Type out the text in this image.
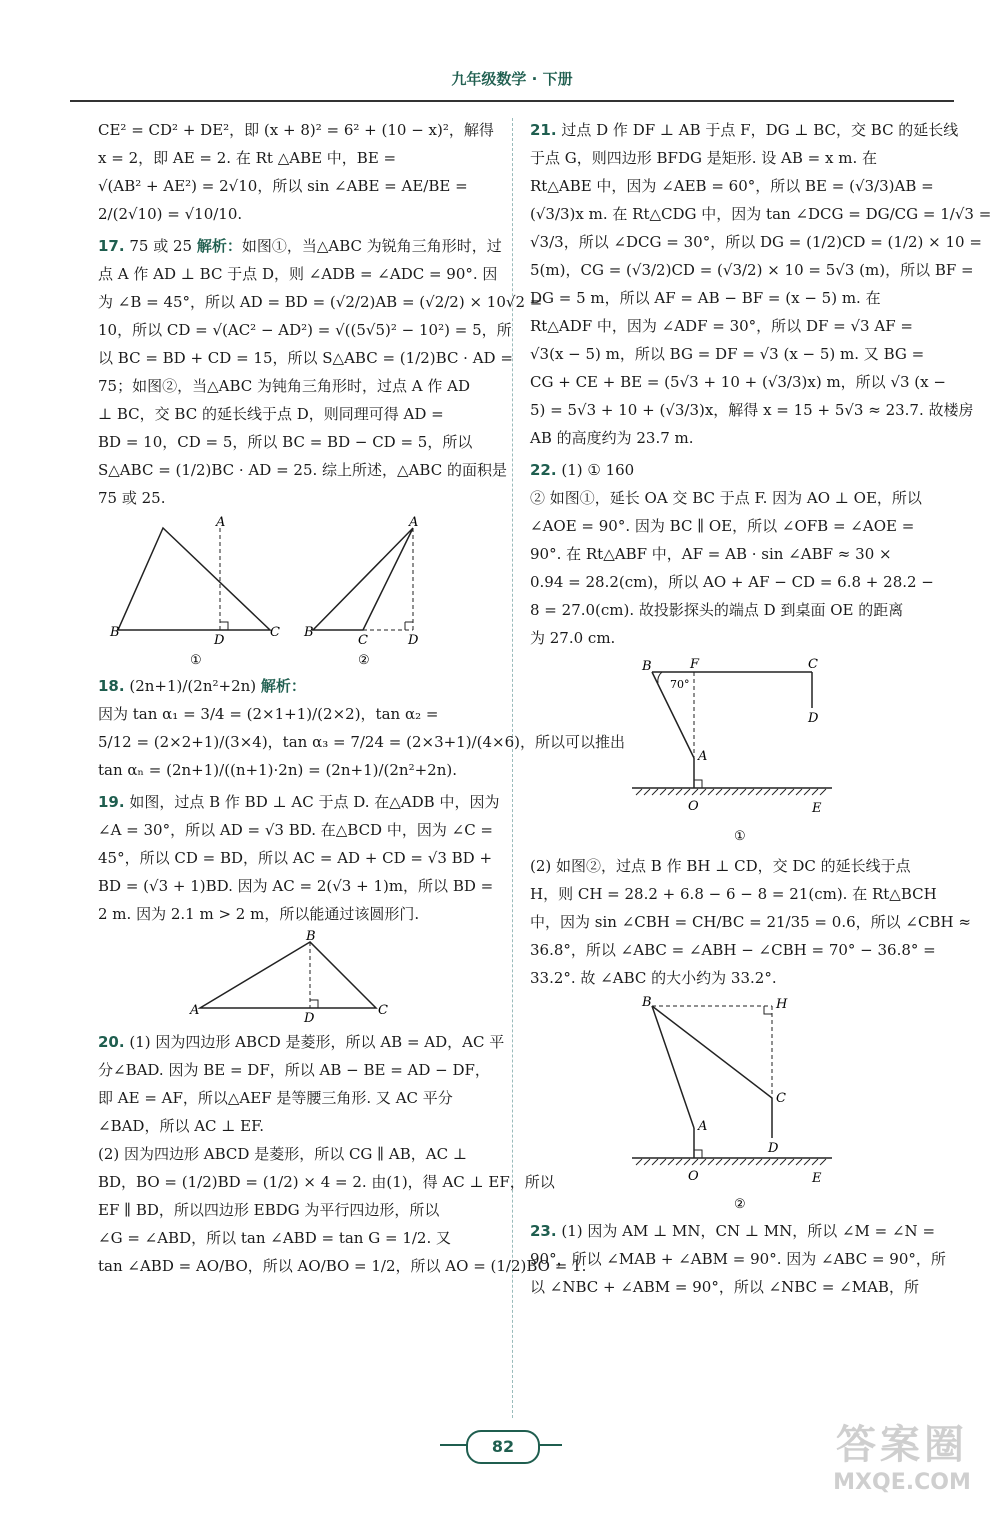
九年级数学 · 下册
CE² = CD² + DE²，即 (x + 8)² = 6² + (10 − x)²，解得
x = 2，即 AE = 2. 在 Rt △ABE 中，BE =
√(AB² + AE²) = 2√10，所以 sin ∠ABE = AE/BE =
2/(2√10) = √10/10.
17. 75 或 25 解析：如图①，当△ABC 为锐角三角形时，过
点 A 作 AD ⊥ BC 于点 D，则 ∠ADB = ∠ADC = 90°. 因
为 ∠B = 45°，所以 AD = BD = (√2/2)AB = (√2/2) × 10√2 =
10，所以 CD = √(AC² − AD²) = √((5√5)² − 10²) = 5，所
以 BC = BD + CD = 15，所以 S△ABC = (1/2)BC · AD =
75；如图②，当△ABC 为钝角三角形时，过点 A 作 AD
⊥ BC，交 BC 的延长线于点 D，则同理可得 AD =
BD = 10，CD = 5，所以 BC = BD − CD = 5，所以
S△ABC = (1/2)BC · AD = 25. 综上所述，△ABC 的面积是
75 或 25.
A
B
D
C
A
B
C	D
①	②
18. (2n+1)/(2n²+2n) 解析：
因为 tan α₁ = 3/4 = (2×1+1)/(2×2)，tan α₂ =
5/12 = (2×2+1)/(3×4)，tan α₃ = 7/24 = (2×3+1)/(4×6)，所以可以推出
tan αₙ = (2n+1)/((n+1)·2n) = (2n+1)/(2n²+2n).
19. 如图，过点 B 作 BD ⊥ AC 于点 D. 在△ADB 中，因为
∠A = 30°，所以 AD = √3 BD. 在△BCD 中，因为 ∠C =
45°，所以 CD = BD，所以 AC = AD + CD = √3 BD +
BD = (√3 + 1)BD. 因为 AC = 2(√3 + 1)m，所以 BD =
2 m. 因为 2.1 m > 2 m，所以能通过该圆形门.
B
A
D
C
20. (1) 因为四边形 ABCD 是菱形，所以 AB = AD，AC 平
分∠BAD. 因为 BE = DF，所以 AB − BE = AD − DF，
即 AE = AF，所以△AEF 是等腰三角形. 又 AC 平分
∠BAD，所以 AC ⊥ EF.
(2) 因为四边形 ABCD 是菱形，所以 CG ∥ AB，AC ⊥
BD，BO = (1/2)BD = (1/2) × 4 = 2. 由(1)，得 AC ⊥ EF，所以
EF ∥ BD，所以四边形 EBDG 为平行四边形，所以
∠G = ∠ABD，所以 tan ∠ABD = tan G = 1/2. 又
tan ∠ABD = AO/BO，所以 AO/BO = 1/2，所以 AO = (1/2)BO = 1.
21. 过点 D 作 DF ⊥ AB 于点 F，DG ⊥ BC，交 BC 的延长线
于点 G，则四边形 BFDG 是矩形. 设 AB = x m. 在
Rt△ABE 中，因为 ∠AEB = 60°，所以 BE = (√3/3)AB =
(√3/3)x m. 在 Rt△CDG 中，因为 tan ∠DCG = DG/CG = 1/√3 =
√3/3，所以 ∠DCG = 30°，所以 DG = (1/2)CD = (1/2) × 10 =
5(m)，CG = (√3/2)CD = (√3/2) × 10 = 5√3 (m)，所以 BF =
DG = 5 m，所以 AF = AB − BF = (x − 5) m. 在
Rt△ADF 中，因为 ∠ADF = 30°，所以 DF = √3 AF =
√3(x − 5) m，所以 BG = DF = √3 (x − 5) m. 又 BG =
CG + CE + BE = (5√3 + 10 + (√3/3)x) m，所以 √3 (x −
5) = 5√3 + 10 + (√3/3)x，解得 x = 15 + 5√3 ≈ 23.7. 故楼房
AB 的高度约为 23.7 m.
22. (1) ① 160
② 如图①，延长 OA 交 BC 于点 F. 因为 AO ⊥ OE，所以
∠AOE = 90°. 因为 BC ∥ OE，所以 ∠OFB = ∠AOE =
90°. 在 Rt△ABF 中，AF = AB · sin ∠ABF ≈ 30 ×
0.94 = 28.2(cm)，所以 AO + AF − CD = 6.8 + 28.2 −
8 = 27.0(cm). 故投影探头的端点 D 到桌面 OE 的距离
为 27.0 cm.
B	F
70°
C
D
A
O	E
①
(2) 如图②，过点 B 作 BH ⊥ CD，交 DC 的延长线于点
H，则 CH = 28.2 + 6.8 − 6 − 8 = 21(cm). 在 Rt△BCH
中，因为 sin ∠CBH = CH/BC = 21/35 = 0.6，所以 ∠CBH ≈
36.8°，所以 ∠ABC = ∠ABH − ∠CBH = 70° − 36.8° =
33.2°. 故 ∠ABC 的大小约为 33.2°.
B	H
C
D
A
O	E
②
23. (1) 因为 AM ⊥ MN，CN ⊥ MN，所以 ∠M = ∠N =
90°，所以 ∠MAB + ∠ABM = 90°. 因为 ∠ABC = 90°，所
以 ∠NBC + ∠ABM = 90°，所以 ∠NBC = ∠MAB，所
82	答案圈
MXQE.COM
